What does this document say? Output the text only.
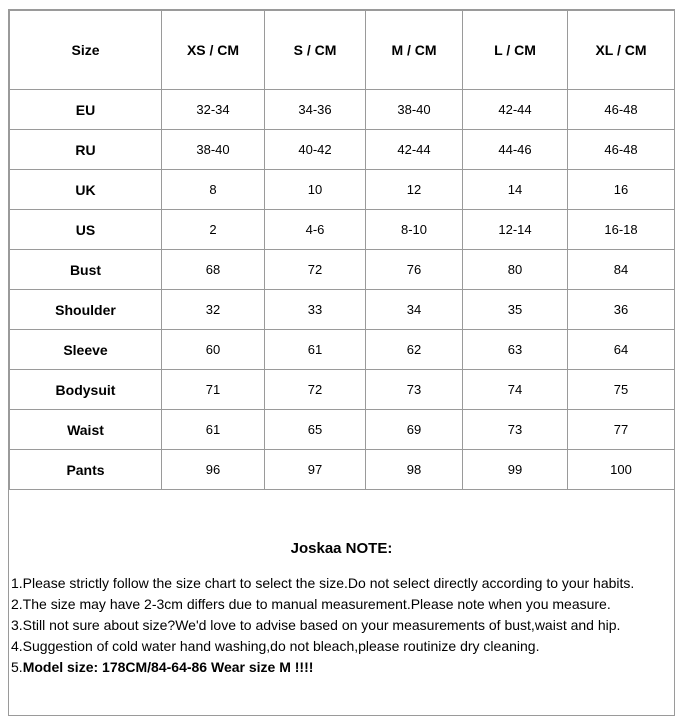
Size	XS / CM	S / CM	M / CM	L / CM	XL / CM
EU	32-34	34-36	38-40	42-44	46-48
RU	38-40	40-42	42-44	44-46	46-48
UK	8	10	12	14	16
US	2	4-6	8-10	12-14	16-18
Bust	68	72	76	80	84
Shoulder	32	33	34	35	36
Sleeve	60	61	62	63	64
Bodysuit	71	72	73	74	75
Waist	61	65	69	73	77
Pants	96	97	98	99	100
Joskaa NOTE:
1.Please strictly follow the size chart to select the size.Do not select directly according to your habits.
2.The size may have 2-3cm differs due to manual measurement.Please note when you measure.
3.Still not sure about size?We'd love to advise based on your measurements of bust,waist and hip.
4.Suggestion of cold water hand washing,do not bleach,please routinize dry cleaning.
5.Model size: 178CM/84-64-86 Wear size M !!!!
